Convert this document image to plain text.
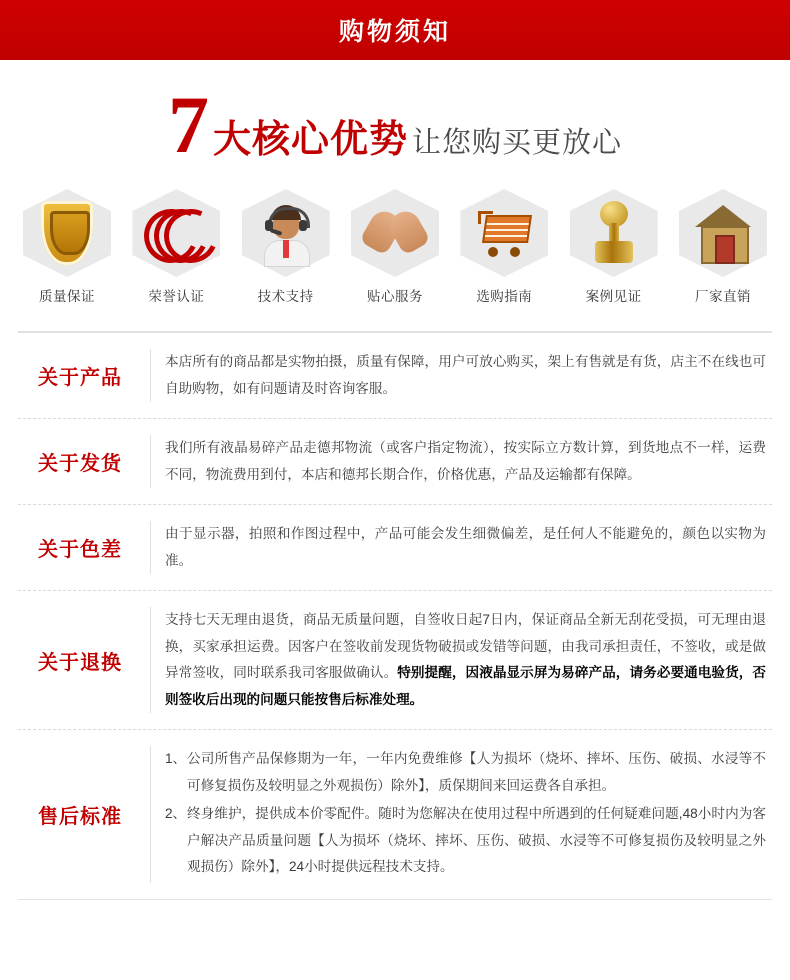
购物须知
7 大核心优势 让您购买更放心
质量保证	荣誉认证	技术支持	贴心服务	选购指南	案例见证	厂家直销
关于产品
本店所有的商品都是实物拍摄，质量有保障，用户可放心购买，架上有售就是有货，店主不在线也可自助购物，如有问题请及时咨询客服。
关于发货
我们所有液晶易碎产品走德邦物流（或客户指定物流），按实际立方数计算，到货地点不一样，运费不同，物流费用到付，本店和德邦长期合作，价格优惠，产品及运输都有保障。
关于色差
由于显示器，拍照和作图过程中，产品可能会发生细微偏差，是任何人不能避免的，颜色以实物为准。
关于退换
支持七天无理由退货，商品无质量问题，自签收日起7日内，保证商品全新无刮花受损，可无理由退换，买家承担运费。因客户在签收前发现货物破损或发错等问题，由我司承担责任，不签收，或是做异常签收，同时联系我司客服做确认。特别提醒，因液晶显示屏为易碎产品，请务必要通电验货，否则签收后出现的问题只能按售后标准处理。
售后标准
1、 公司所售产品保修期为一年，一年内免费维修【人为损坏（烧坏、摔坏、压伤、破损、水浸等不可修复损伤及较明显之外观损伤）除外】，质保期间来回运费各自承担。
2、 终身维护，提供成本价零配件。随时为您解决在使用过程中所遇到的任何疑难问题,48小时内为客户解决产品质量问题【人为损坏（烧坏、摔坏、压伤、破损、水浸等不可修复损伤及较明显之外观损伤）除外】，24小时提供远程技术支持。
